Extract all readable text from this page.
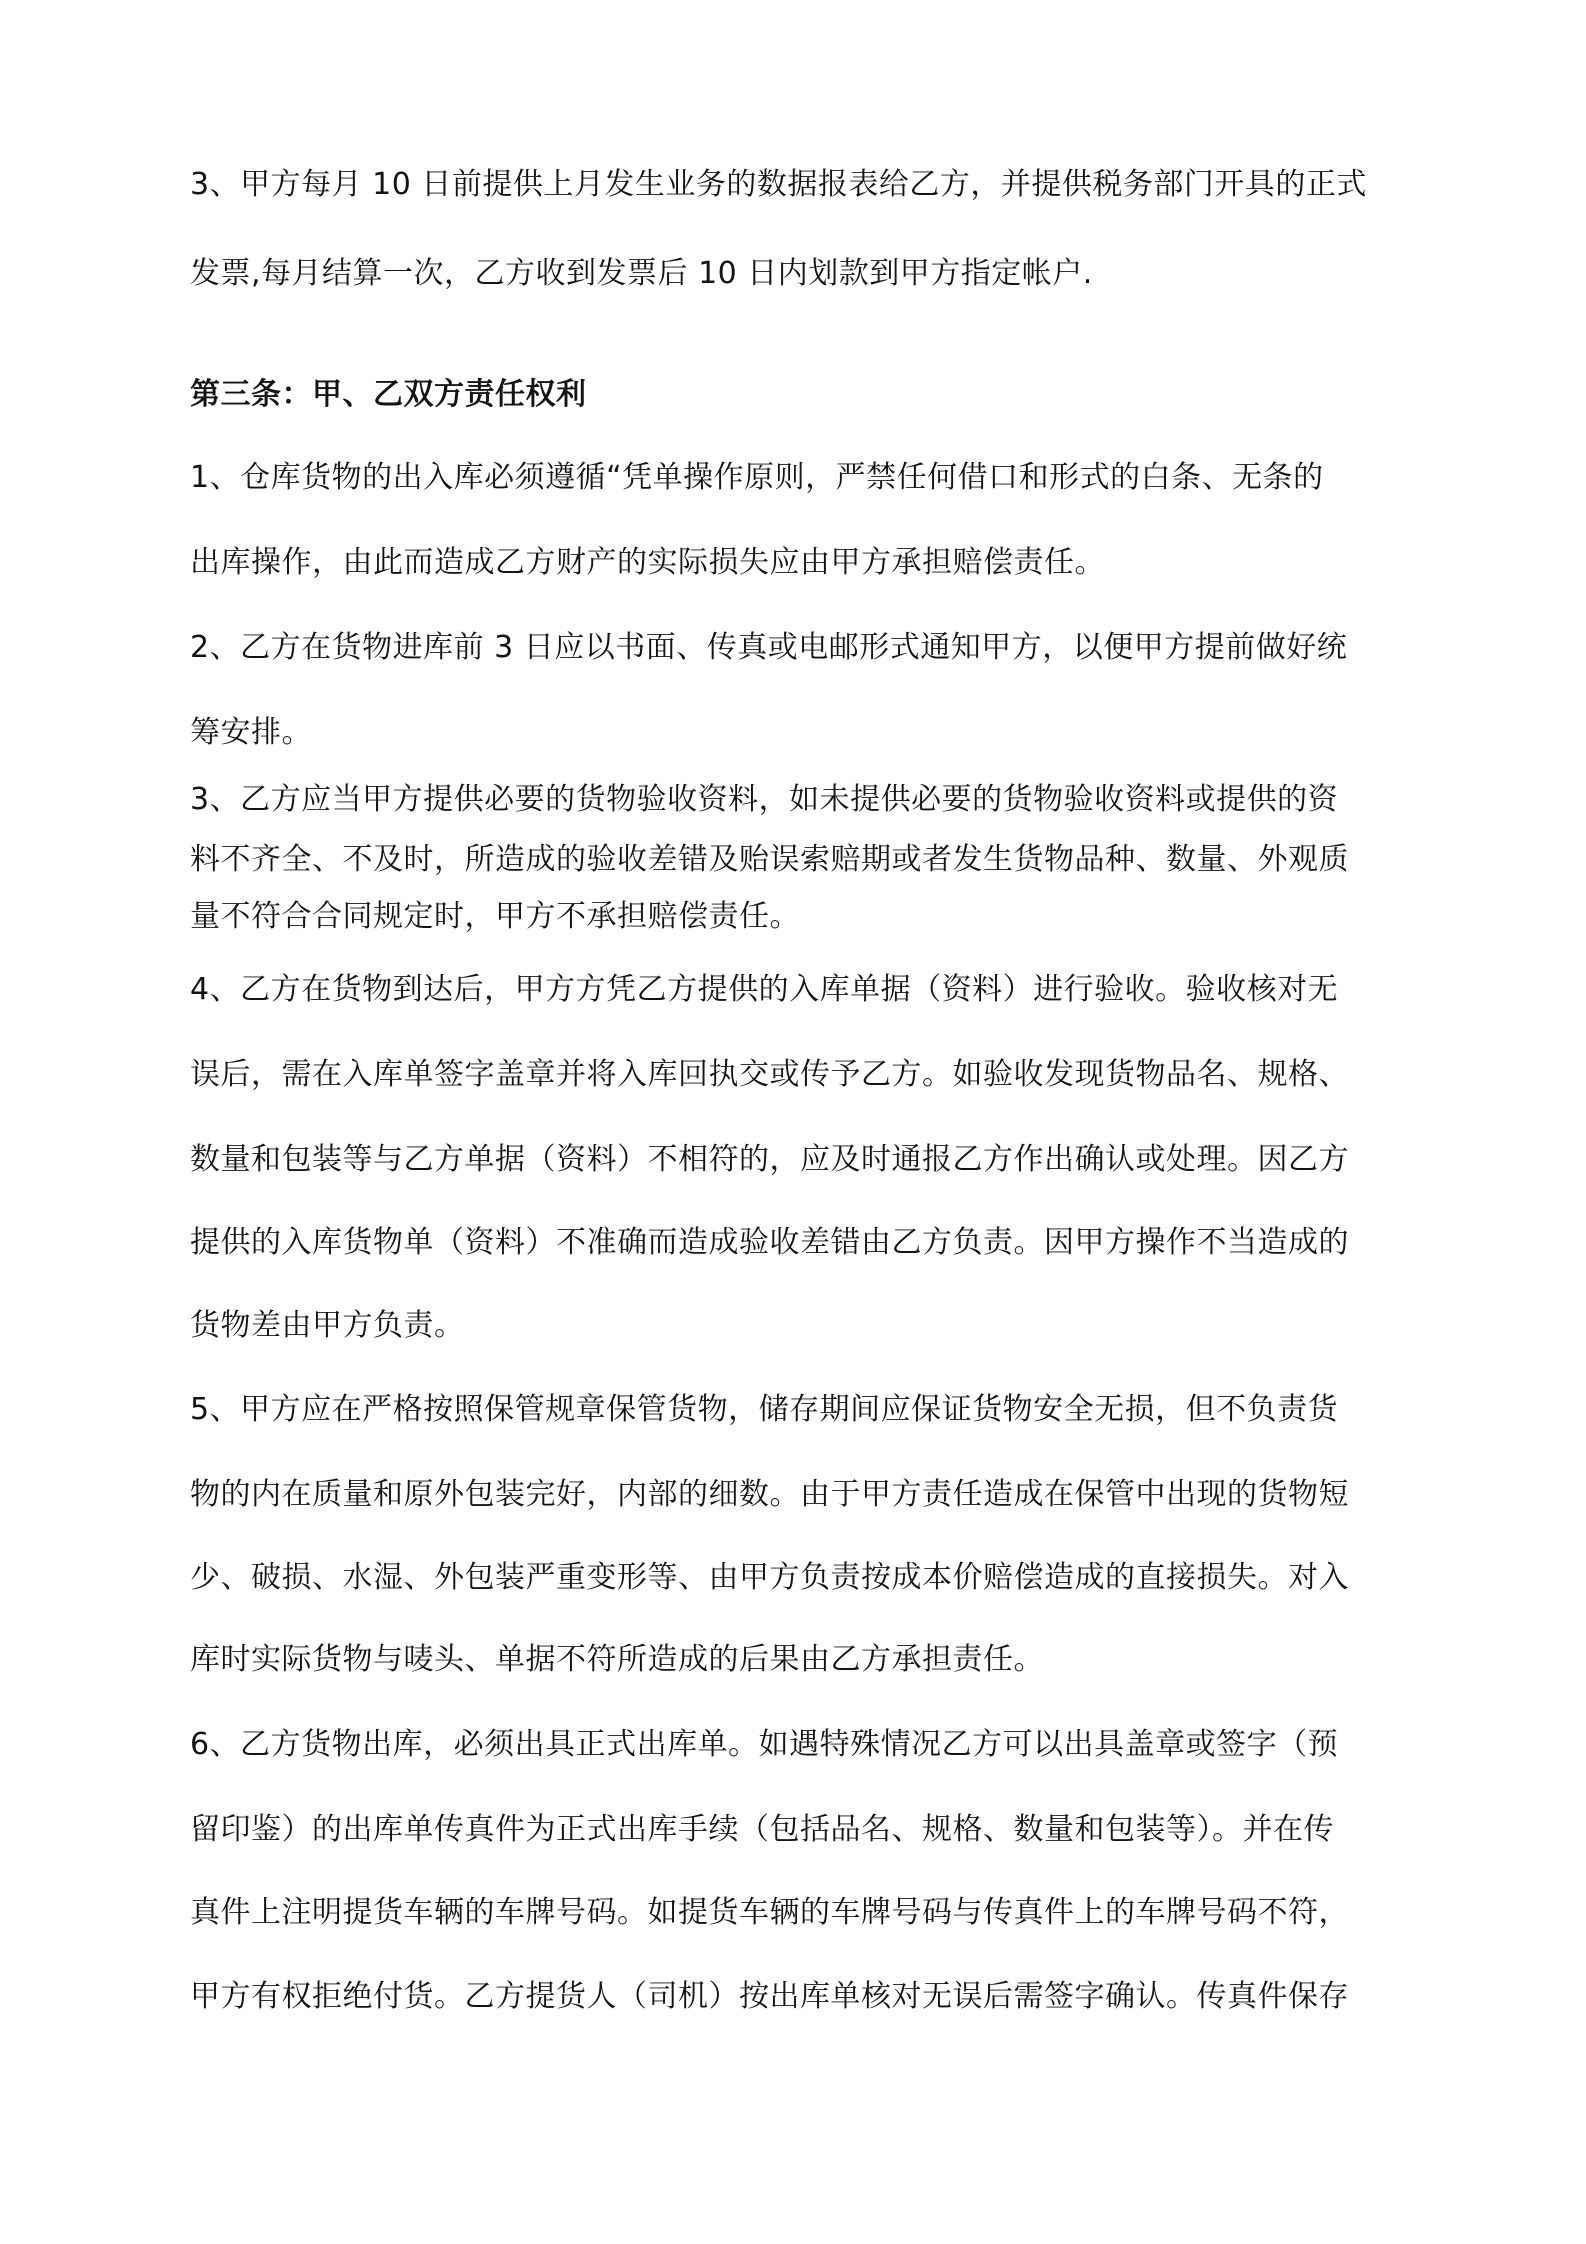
3、甲方每月 10 日前提供上月发生业务的数据报表给乙方，并提供税务部门开具的正式
发票,每月结算一次，乙方收到发票后 10 日内划款到甲方指定帐户.
第三条：甲、乙双方责任权利
1、仓库货物的出入库必须遵循“凭单操作原则，严禁任何借口和形式的白条、无条的
出库操作，由此而造成乙方财产的实际损失应由甲方承担赔偿责任。
2、乙方在货物进库前 3 日应以书面、传真或电邮形式通知甲方，以便甲方提前做好统
筹安排。
3、乙方应当甲方提供必要的货物验收资料，如未提供必要的货物验收资料或提供的资
料不齐全、不及时，所造成的验收差错及贻误索赔期或者发生货物品种、数量、外观质
量不符合合同规定时，甲方不承担赔偿责任。
4、乙方在货物到达后，甲方方凭乙方提供的入库单据（资料）进行验收。验收核对无
误后，需在入库单签字盖章并将入库回执交或传予乙方。如验收发现货物品名、规格、
数量和包装等与乙方单据（资料）不相符的，应及时通报乙方作出确认或处理。因乙方
提供的入库货物单（资料）不准确而造成验收差错由乙方负责。因甲方操作不当造成的
货物差由甲方负责。
5、甲方应在严格按照保管规章保管货物，储存期间应保证货物安全无损，但不负责货
物的内在质量和原外包装完好，内部的细数。由于甲方责任造成在保管中出现的货物短
少、破损、水湿、外包装严重变形等、由甲方负责按成本价赔偿造成的直接损失。对入
库时实际货物与唛头、单据不符所造成的后果由乙方承担责任。
6、乙方货物出库，必须出具正式出库单。如遇特殊情况乙方可以出具盖章或签字（预
留印鉴）的出库单传真件为正式出库手续（包括品名、规格、数量和包装等）。并在传
真件上注明提货车辆的车牌号码。如提货车辆的车牌号码与传真件上的车牌号码不符，
甲方有权拒绝付货。乙方提货人（司机）按出库单核对无误后需签字确认。传真件保存
